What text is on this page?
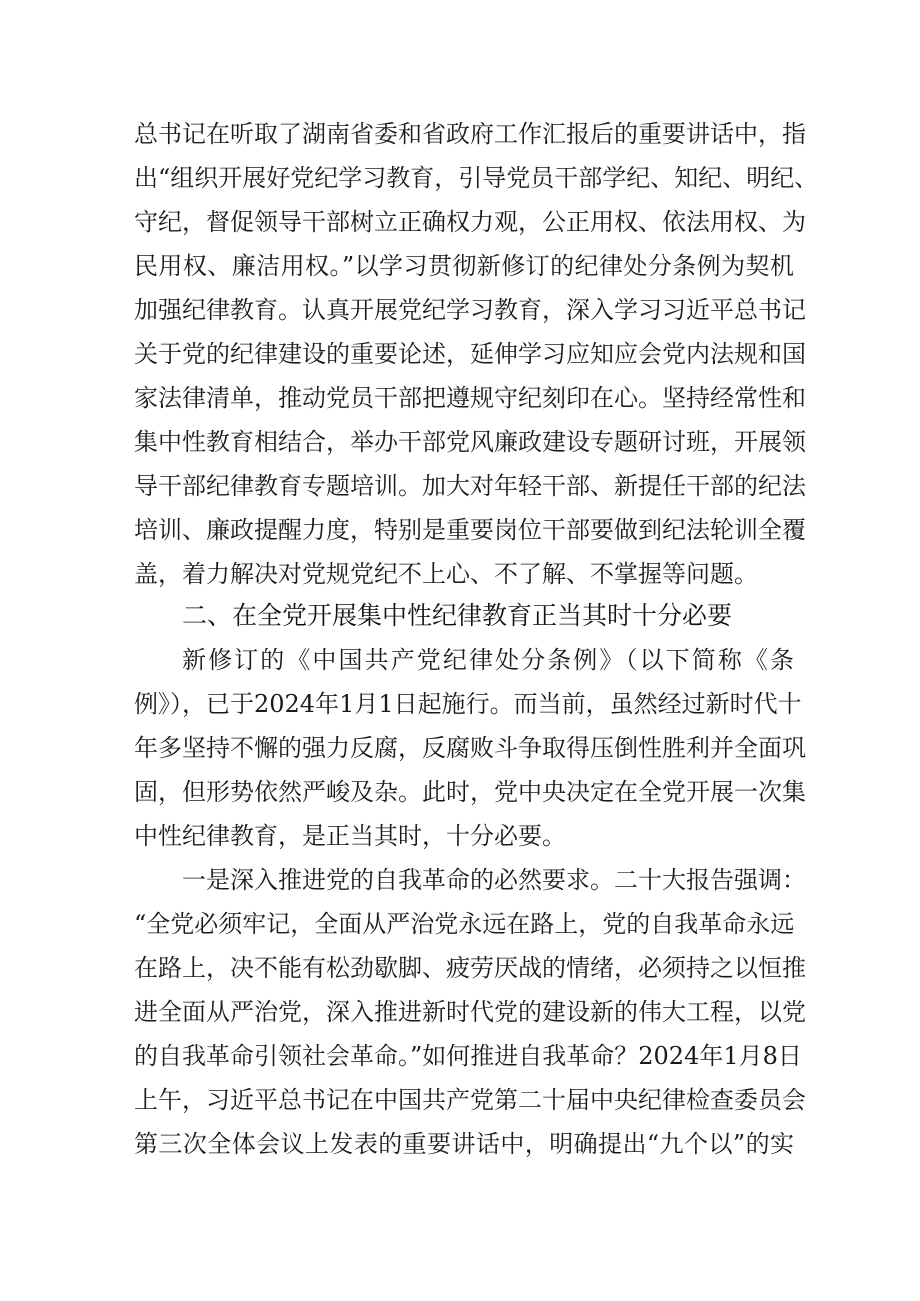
总书记在听取了湖南省委和省政府工作汇报后的重要讲话中，指
出“组织开展好党纪学习教育，引导党员干部学纪、知纪、明纪、
守纪，督促领导干部树立正确权力观，公正用权、依法用权、为
民用权、廉洁用权。”以学习贯彻新修订的纪律处分条例为契机
加强纪律教育。认真开展党纪学习教育，深入学习习近平总书记
关于党的纪律建设的重要论述，延伸学习应知应会党内法规和国
家法律清单，推动党员干部把遵规守纪刻印在心。坚持经常性和
集中性教育相结合，举办干部党风廉政建设专题研讨班，开展领
导干部纪律教育专题培训。加大对年轻干部、新提任干部的纪法
培训、廉政提醒力度，特别是重要岗位干部要做到纪法轮训全覆
盖，着力解决对党规党纪不上心、不了解、不掌握等问题。
二、在全党开展集中性纪律教育正当其时十分必要
新修订的《中国共产党纪律处分条例》（以下简称《条
例》），已于2024年1月1日起施行。而当前，虽然经过新时代十
年多坚持不懈的强力反腐，反腐败斗争取得压倒性胜利并全面巩
固，但形势依然严峻及杂。此时，党中央决定在全党开展一次集
中性纪律教育，是正当其时，十分必要。
一是深入推进党的自我革命的必然要求。二十大报告强调：
“全党必须牢记，全面从严治党永远在路上，党的自我革命永远
在路上，决不能有松劲歇脚、疲劳厌战的情绪，必须持之以恒推
进全面从严治党，深入推进新时代党的建设新的伟大工程，以党
的自我革命引领社会革命。”如何推进自我革命？2024年1月8日
上午，习近平总书记在中国共产党第二十届中央纪律检查委员会
第三次全体会议上发表的重要讲话中，明确提出“九个以”的实
